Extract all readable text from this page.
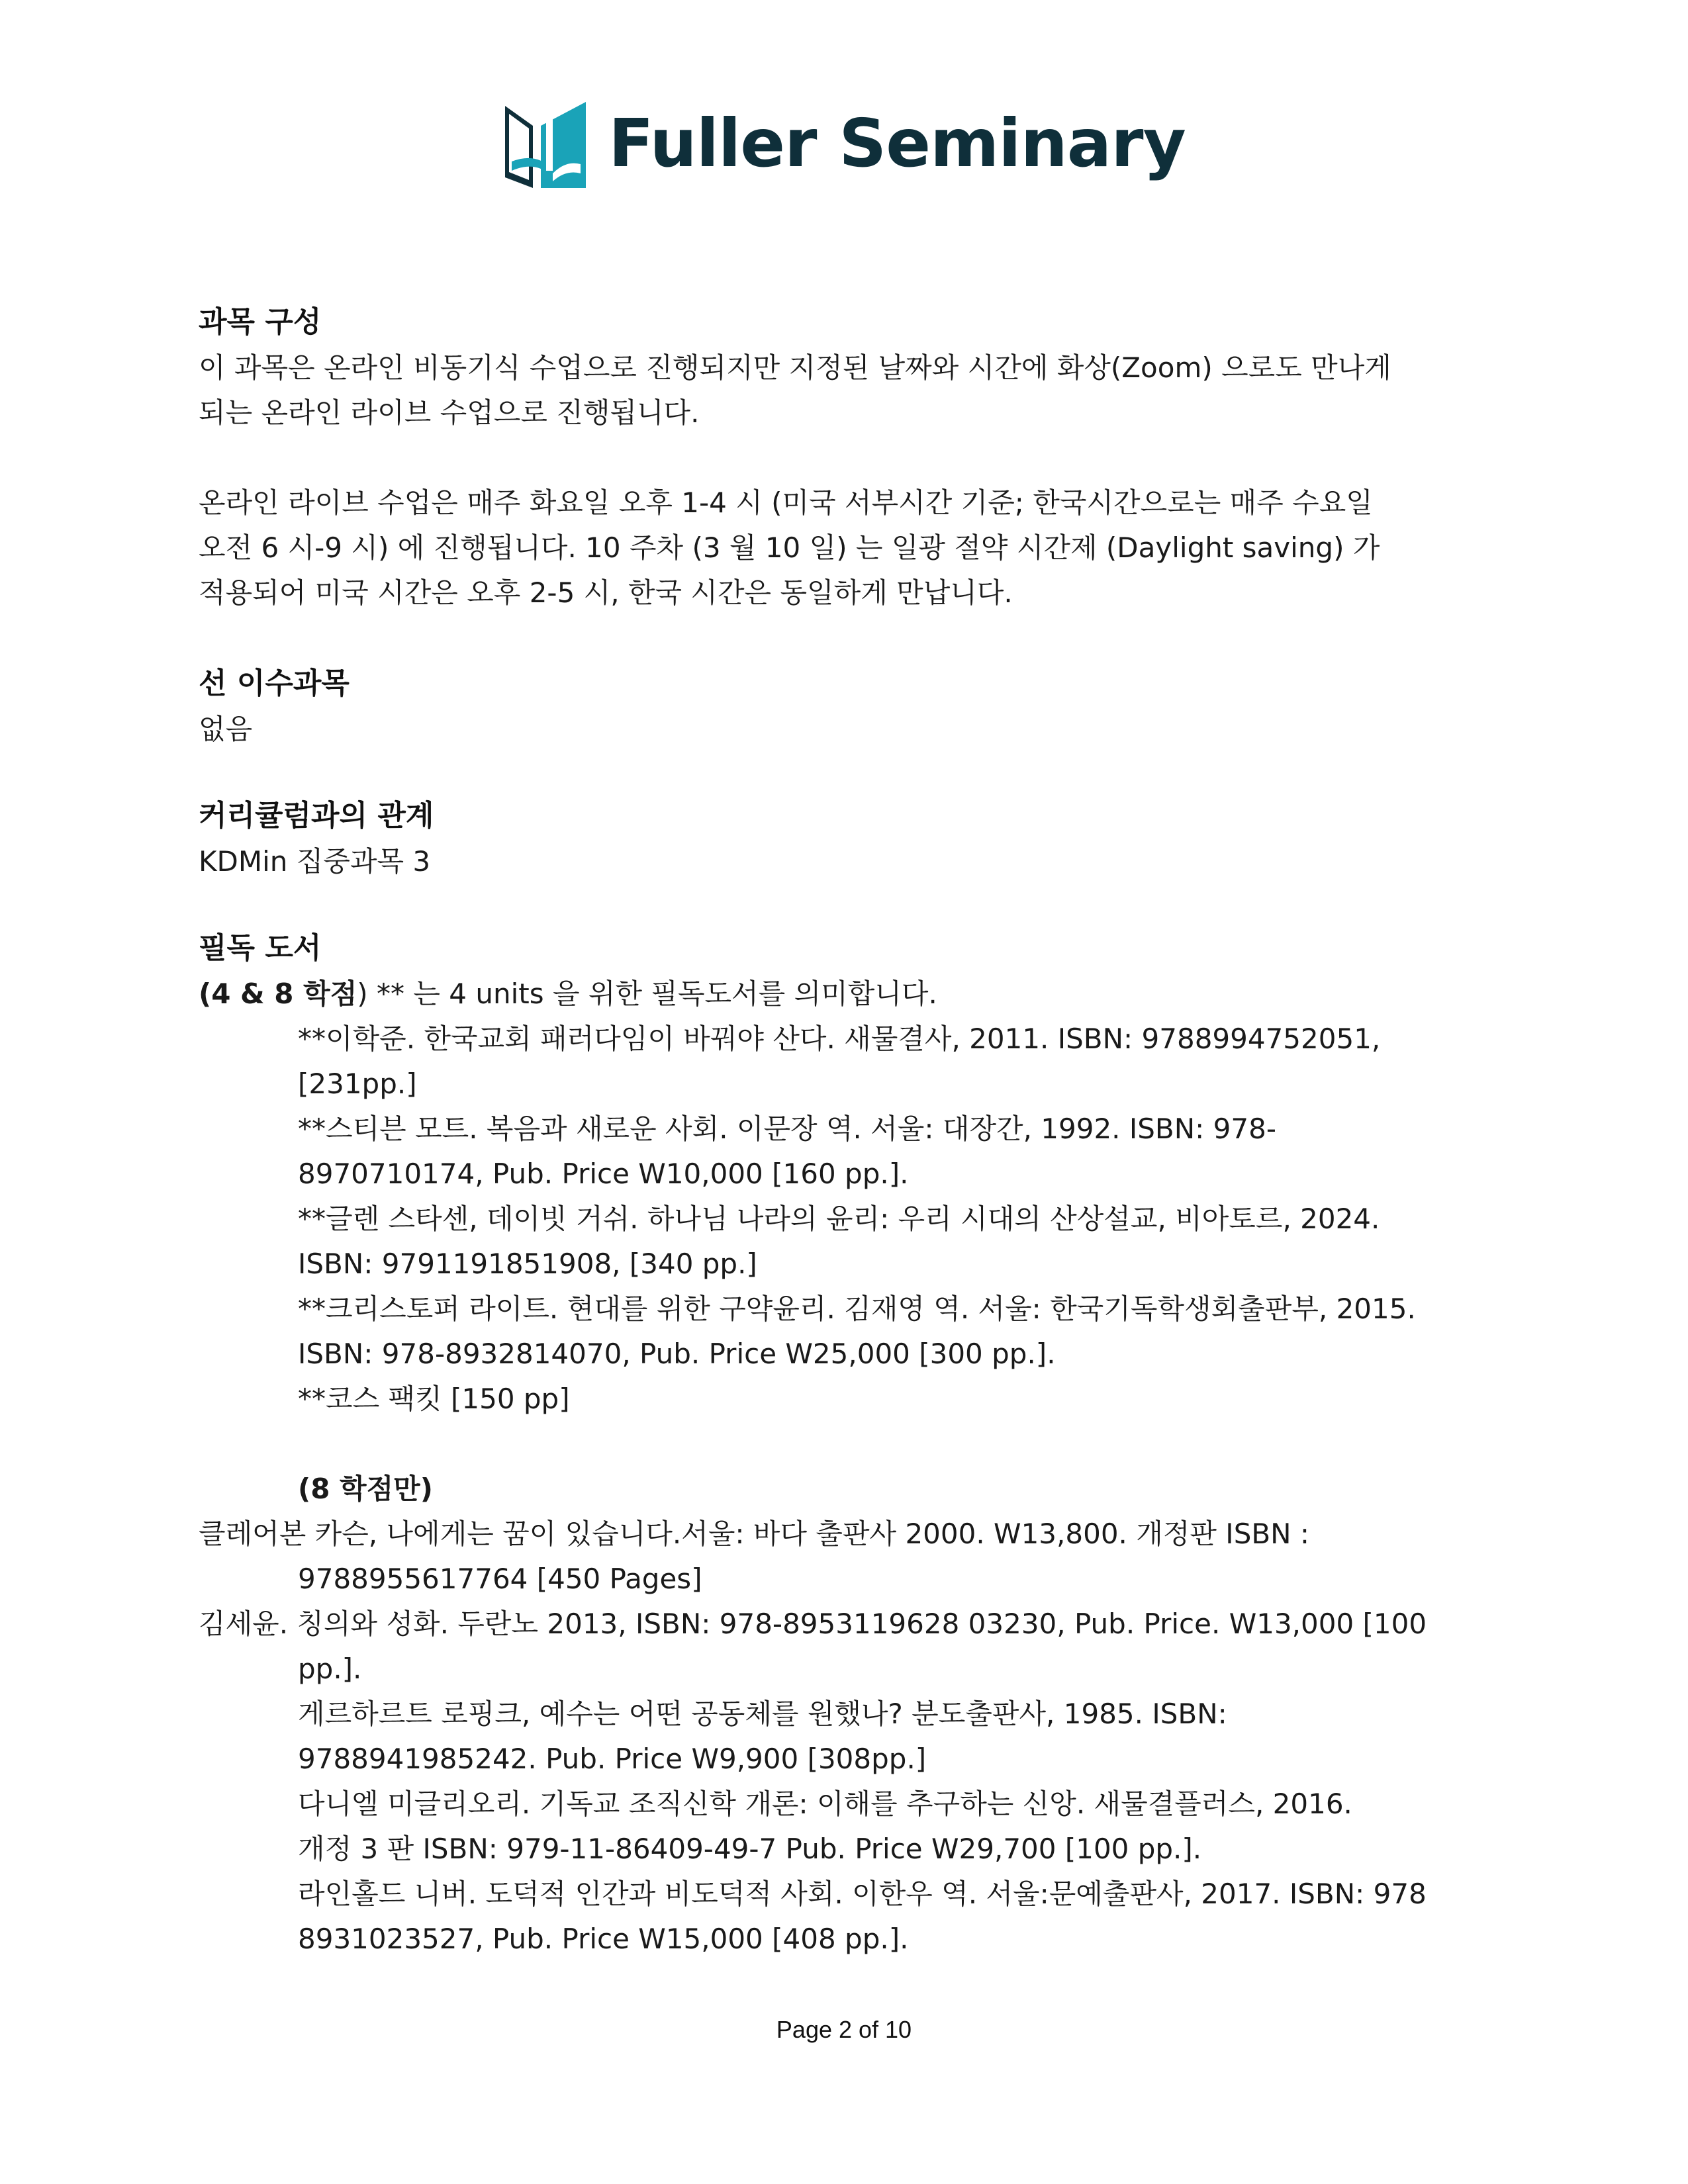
Fuller Seminary

과목 구성

이 과목은 온라인 비동기식 수업으로 진행되지만 지정된 날짜와 시간에 화상(Zoom) 으로도 만나게

되는 온라인 라이브 수업으로 진행됩니다.

온라인 라이브 수업은 매주 화요일 오후 1-4 시 (미국 서부시간 기준; 한국시간으로는 매주 수요일

오전 6 시-9 시) 에 진행됩니다. 10 주차 (3 월 10 일) 는 일광 절약 시간제 (Daylight saving) 가

적용되어 미국 시간은 오후 2-5 시, 한국 시간은 동일하게 만납니다.

선 이수과목

없음

커리큘럼과의 관계

KDMin 집중과목 3

필독 도서

(4 & 8 학점) ** 는 4 units 을 위한 필독도서를 의미합니다.

**이학준. 한국교회 패러다임이 바꿔야 산다. 새물결사, 2011. ISBN: 9788994752051,

[231pp.]

**스티븐 모트. 복음과 새로운 사회. 이문장 역. 서울: 대장간, 1992. ISBN: 978-

8970710174, Pub. Price W10,000 [160 pp.].

**글렌 스타센, 데이빗 거쉬. 하나님 나라의 윤리: 우리 시대의 산상설교, 비아토르, 2024.

ISBN: 9791191851908, [340 pp.]

**크리스토퍼 라이트. 현대를 위한 구약윤리. 김재영 역. 서울: 한국기독학생회출판부, 2015.

ISBN: 978-8932814070, Pub. Price W25,000 [300 pp.].

**코스 팩킷 [150 pp]

(8 학점만)

클레어본 카슨, 나에게는 꿈이 있습니다.서울: 바다 출판사 2000. W13,800. 개정판 ISBN :

9788955617764 [450 Pages]

김세윤. 칭의와 성화. 두란노 2013, ISBN: 978-8953119628 03230, Pub. Price. W13,000 [100

pp.].

게르하르트 로핑크, 예수는 어떤 공동체를 원했나? 분도출판사, 1985. ISBN:

9788941985242. Pub. Price W9,900 [308pp.]

다니엘 미글리오리. 기독교 조직신학 개론: 이해를 추구하는 신앙. 새물결플러스, 2016.

개정 3 판 ISBN: 979-11-86409-49-7 Pub. Price W29,700 [100 pp.].

라인홀드 니버. 도덕적 인간과 비도덕적 사회. 이한우 역. 서울:문예출판사, 2017. ISBN: 978

8931023527, Pub. Price W15,000 [408 pp.].

Page 2 of 10
